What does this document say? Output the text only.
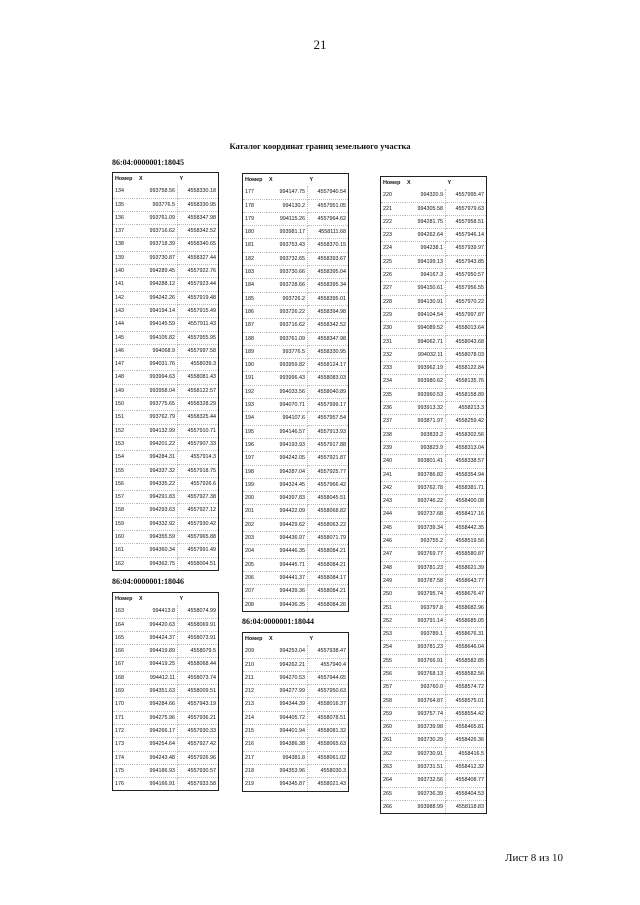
21
Каталог координат границ земельного участка
86:04:0000001:18045
Номер	X	Y
134	993758.56	4558330.18
135	993776.5	4558330.95
136	993761.09	4558347.98
137	993716.62	4558342.52
138	993718.39	4558340.65
139	993730.87	4558327.44
140	994289.45	4557922.76
141	994288.12	4557923.44
142	994242.26	4557919.48
143	994194.14	4557915.49
144	994145.59	4557911.43
145	994105.82	4557955.95
146	994068.9	4557997.58
147	994031.76	4558039.3
148	993994.63	4558081.43
149	993958.04	4558122.57
150	993775.65	4558328.29
151	993762.79	4558325.44
152	994132.99	4557910.71
153	994201.22	4557907.33
154	994284.31	4557914.3
155	994337.32	4557918.75
156	994335.22	4557926.6
157	994291.83	4557927.38
158	994293.63	4557927.12
159	994332.92	4557930.42
160	994355.59	4557965.88
161	994360.34	4557991.49
162	994362.75	4558004.51
86:04:0000001:18046
Номер	X	Y
163	994413.8	4558074.99
164	994420.63	4558069.91
165	994424.37	4558073.91
166	994419.89	4558079.5
167	994419.25	4558068.44
168	994412.11	4558073.74
169	994351.63	4558009.51
170	994284.66	4557943.19
171	994275.96	4557936.21
172	994266.17	4557930.33
173	994254.64	4557927.42
174	994243.48	4557926.96
175	994186.93	4557930.57
176	994166.91	4557933.58
Номер	X	Y
177	994147.75	4557940.54
178	994130.2	4557951.05
179	994115.26	4557964.62
180	993981.17	4558111.68
181	993753.43	4558370.15
182	993732.65	4558393.67
183	993730.66	4558395.04
184	993728.66	4558395.34
185	993726.2	4558395.01
186	993726.22	4558394.98
187	993716.62	4558342.52
188	993761.09	4558347.98
189	993776.5	4558330.95
190	993959.82	4558124.17
191	993996.43	4558083.03
192	994033.56	4558040.89
193	994070.71	4557999.17
194	994107.6	4557957.54
195	994146.57	4557913.93
196	994193.93	4557917.88
197	994242.05	4557921.87
198	994287.04	4557925.77
199	994324.45	4557966.42
200	994397.83	4558045.51
201	994422.09	4558068.82
202	994429.62	4558063.22
203	994436.97	4558071.79
204	994446.35	4558084.21
205	994445.71	4558084.21
206	994441.37	4558084.17
207	994439.36	4558084.21
208	994436.35	4558084.26
86:04:0000001:18044
Номер	X	Y
209	994253.04	4557938.47
210	994262.21	4557940.4
211	994270.53	4557944.65
212	994277.99	4557950.63
213	994344.39	4558016.37
214	994405.72	4558078.51
215	994401.94	4558081.32
216	994386.38	4558065.63
217	994381.8	4558061.02
218	994353.96	4558030.3
219	994345.87	4558021.43
Номер	X	Y
220	994320.9	4557995.47
221	994305.58	4557979.63
222	994281.75	4557958.51
223	994262.64	4557946.14
224	994238.1	4557939.97
225	994199.13	4557943.85
226	994167.3	4557950.57
227	994150.61	4557956.55
228	994130.91	4557970.22
229	994104.54	4557997.87
230	994089.52	4558013.64
231	994062.71	4558043.68
232	994032.11	4558078.03
233	993962.19	4558122.84
234	993980.62	4558135.76
235	993960.53	4558158.89
236	993913.32	4558213.3
237	993871.97	4558259.42
238	993833.2	4558302.56
239	993823.9	4558313.04
240	993801.41	4558338.57
241	993786.82	4558354.94
242	993762.78	4558381.71
243	993746.22	4558400.08
244	993737.68	4558417.16
245	993739.34	4558442.35
246	993755.2	4558519.56
247	993769.77	4558580.87
248	993781.23	4558621.39
249	993787.58	4558643.77
250	993795.74	4558676.47
251	993797.8	4558682.96
252	993791.14	4558685.05
253	993789.1	4558676.31
254	993781.23	4558646.04
255	993766.91	4558582.85
256	993768.13	4558582.56
257	993760.0	4558574.72
258	993764.87	4558575.01
259	993757.74	4558554.42
260	993739.98	4558465.81
261	993730.29	4558426.36
262	993730.91	4558416.5
263	993731.51	4558412.32
264	993732.56	4558408.77
265	993736.39	4558404.53
266	993988.99	4558118.83
Лист 8 из 10
